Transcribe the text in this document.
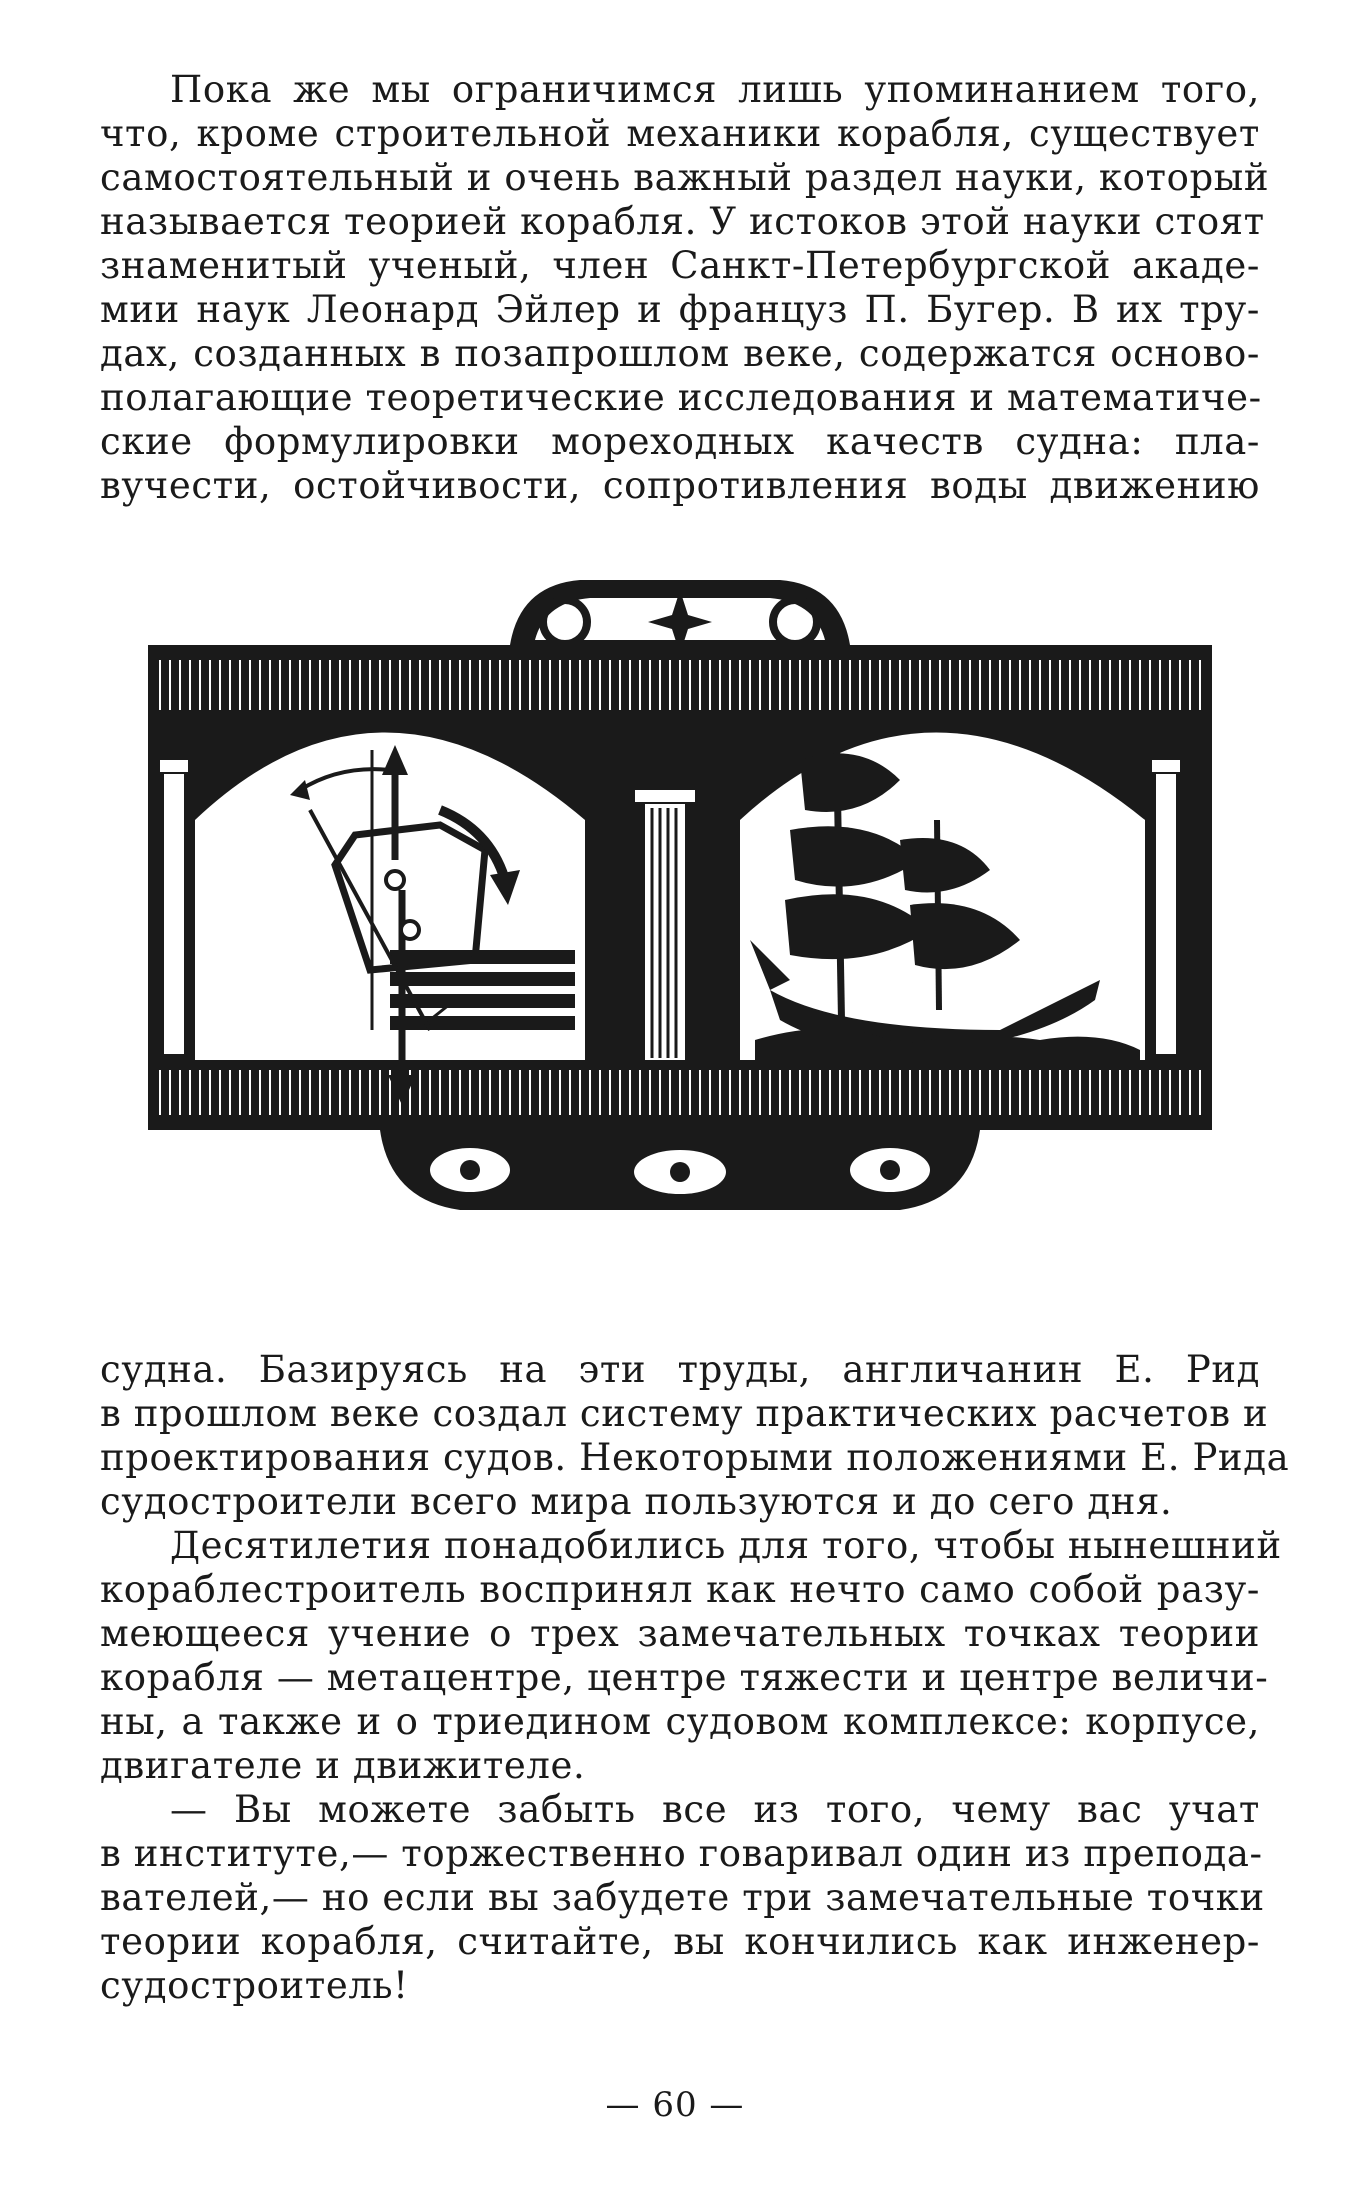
Пока же мы ограничимся лишь упоминанием того,
что, кроме строительной механики корабля, существует
самостоятельный и очень важный раздел науки, который
называется теорией корабля. У истоков этой науки стоят
знаменитый ученый, член Санкт-Петербургской акаде-
мии наук Леонард Эйлер и француз П. Бугер. В их тру-
дах, созданных в позапрошлом веке, содержатся осново-
полагающие теоретические исследования и математиче-
ские формулировки мореходных качеств судна: пла-
вучести, остойчивости, сопротивления воды движению
судна. Базируясь на эти труды, англичанин Е. Рид
в прошлом веке создал систему практических расчетов и
проектирования судов. Некоторыми положениями Е. Рида
судостроители всего мира пользуются и до сего дня.
Десятилетия понадобились для того, чтобы нынешний
кораблестроитель воспринял как нечто само собой разу-
меющееся учение о трех замечательных точках теории
корабля — метацентре, центре тяжести и центре величи-
ны, а также и о триедином судовом комплексе: корпусе,
двигателе и движителе.
— Вы можете забыть все из того, чему вас учат
в институте,— торжественно говаривал один из препода-
вателей,— но если вы забудете три замечательные точки
теории корабля, считайте, вы кончились как инженер-
судостроитель!
— 60 —
